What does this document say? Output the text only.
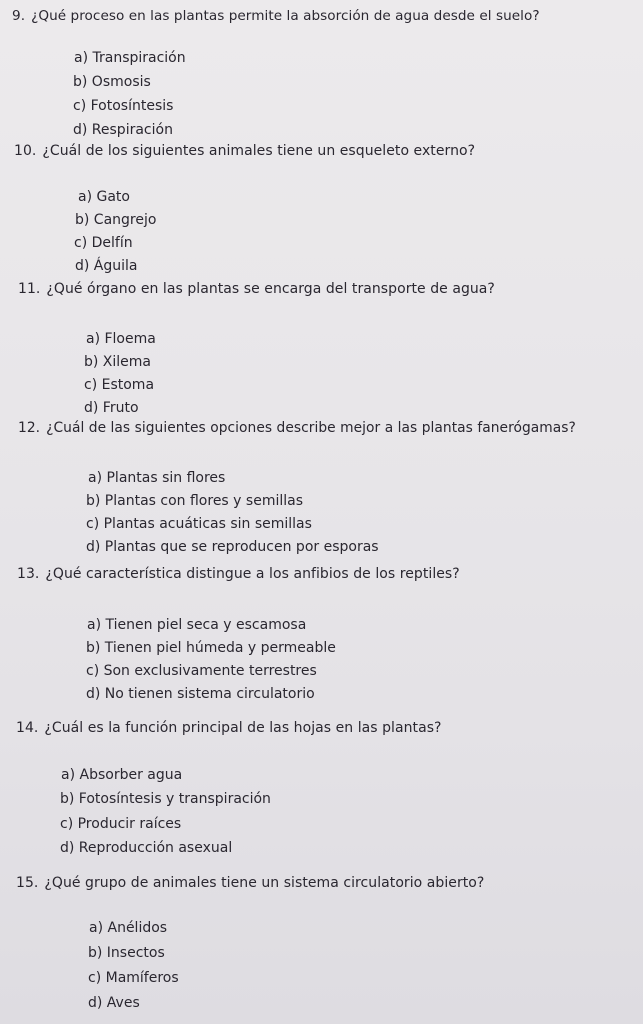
9. ¿Qué proceso en las plantas permite la absorción de agua desde el suelo?
a) Transpiración
b) Osmosis
c) Fotosíntesis
d) Respiración
10. ¿Cuál de los siguientes animales tiene un esqueleto externo?
a) Gato
b) Cangrejo
c) Delfín
d) Águila
11. ¿Qué órgano en las plantas se encarga del transporte de agua?
a) Floema
b) Xilema
c) Estoma
d) Fruto
12. ¿Cuál de las siguientes opciones describe mejor a las plantas fanerógamas?
a) Plantas sin flores
b) Plantas con flores y semillas
c) Plantas acuáticas sin semillas
d) Plantas que se reproducen por esporas
13. ¿Qué característica distingue a los anfibios de los reptiles?
a) Tienen piel seca y escamosa
b) Tienen piel húmeda y permeable
c) Son exclusivamente terrestres
d) No tienen sistema circulatorio
14. ¿Cuál es la función principal de las hojas en las plantas?
a) Absorber agua
b) Fotosíntesis y transpiración
c) Producir raíces
d) Reproducción asexual
15. ¿Qué grupo de animales tiene un sistema circulatorio abierto?
a) Anélidos
b) Insectos
c) Mamíferos
d) Aves
